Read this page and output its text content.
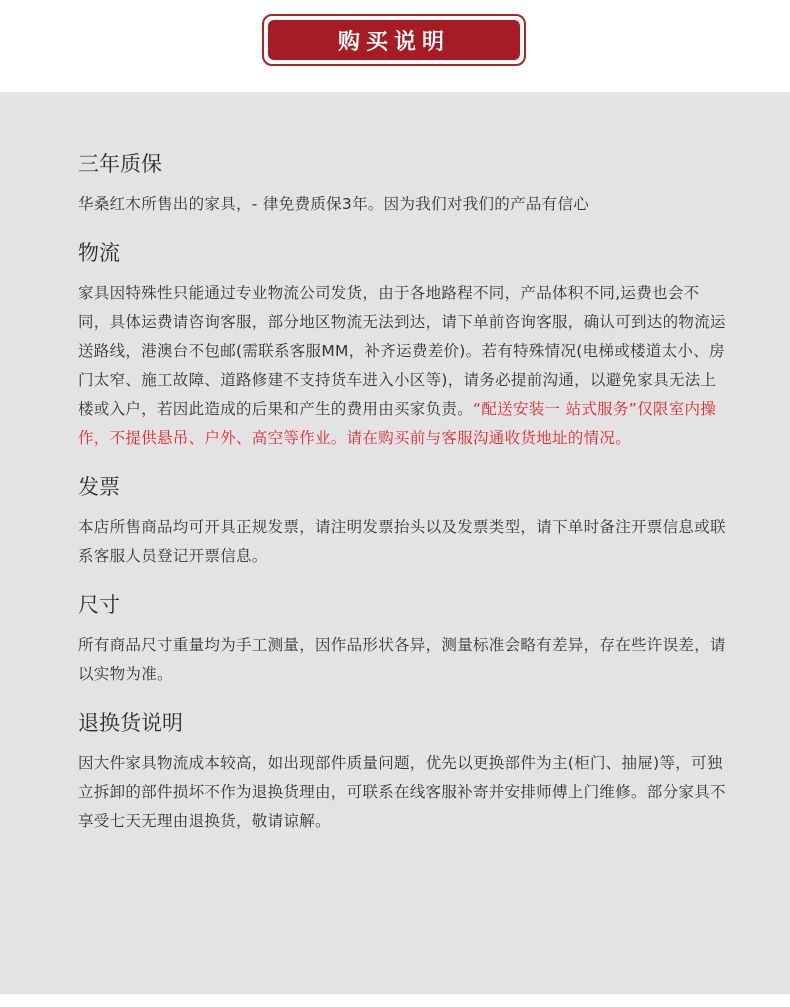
购买说明
三年质保
华桑红木所售出的家具，- 律免费质保3年。因为我们对我们的产品有信心
物流
家具因特殊性只能通过专业物流公司发货，由于各地路程不同，产品体积不同,运费也会不同，具体运费请咨询客服，部分地区物流无法到达，请下单前咨询客服，确认可到达的物流运送路线，港澳台不包邮(需联系客服MM，补齐运费差价)。若有特殊情况(电梯或楼道太小、房门太窄、施工故障、道路修建不支持货车进入小区等)，请务必提前沟通，以避免家具无法上楼或入户，若因此造成的后果和产生的费用由买家负责。“配送安装一 站式服务”仅限室内操作，不提供悬吊、户外、高空等作业。请在购买前与客服沟通收货地址的情况。
发票
本店所售商品均可开具正规发票，请注明发票抬头以及发票类型，请下单时备注开票信息或联系客服人员登记开票信息。
尺寸
所有商品尺寸重量均为手工测量，因作品形状各异，测量标准会略有差异，存在些许误差，请以实物为准。
退换货说明
因大件家具物流成本较高，如出现部件质量问题，优先以更换部件为主(柜门、抽屉)等，可独立拆卸的部件损坏不作为退换货理由，可联系在线客服补寄并安排师傅上门维修。部分家具不享受七天无理由退换货，敬请谅解。
